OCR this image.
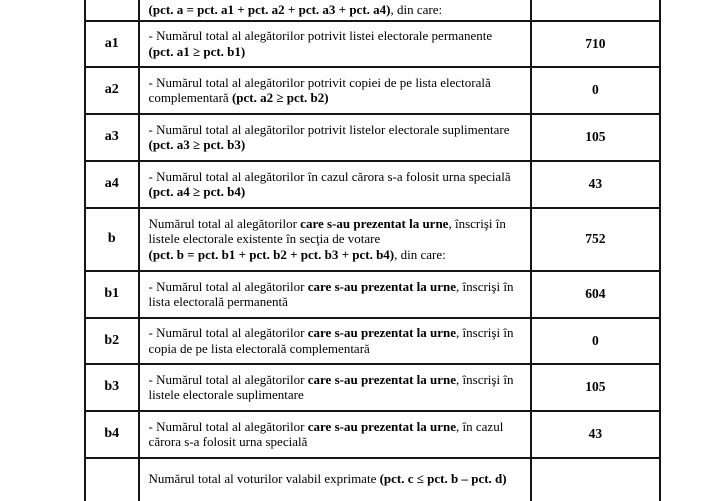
	(pct. a = pct. a1 + pct. a2 + pct. a3 + pct. a4), din care:	
a1	- Numărul total al alegătorilor potrivit listei electorale permanente (pct. a1 ≥ pct. b1)	710
a2	- Numărul total al alegătorilor potrivit copiei de pe lista electorală complementară (pct. a2 ≥ pct. b2)	0
a3	- Numărul total al alegătorilor potrivit listelor electorale suplimentare (pct. a3 ≥ pct. b3)	105
a4	- Numărul total al alegătorilor în cazul cărora s-a folosit urna specială (pct. a4 ≥ pct. b4)	43
b	Numărul total al alegătorilor care s-au prezentat la urne, înscrişi în listele electorale existente în secţia de votare (pct. b = pct. b1 + pct. b2 + pct. b3 + pct. b4), din care:	752
b1	- Numărul total al alegătorilor care s-au prezentat la urne, înscrişi în lista electorală permanentă	604
b2	- Numărul total al alegătorilor care s-au prezentat la urne, înscrişi în copia de pe lista electorală complementară	0
b3	- Numărul total al alegătorilor care s-au prezentat la urne, înscrişi în listele electorale suplimentare	105
b4	- Numărul total al alegătorilor care s-au prezentat la urne, în cazul cărora s-a folosit urna specială	43
	Numărul total al voturilor valabil exprimate (pct. c ≤ pct. b – pct. d)	
